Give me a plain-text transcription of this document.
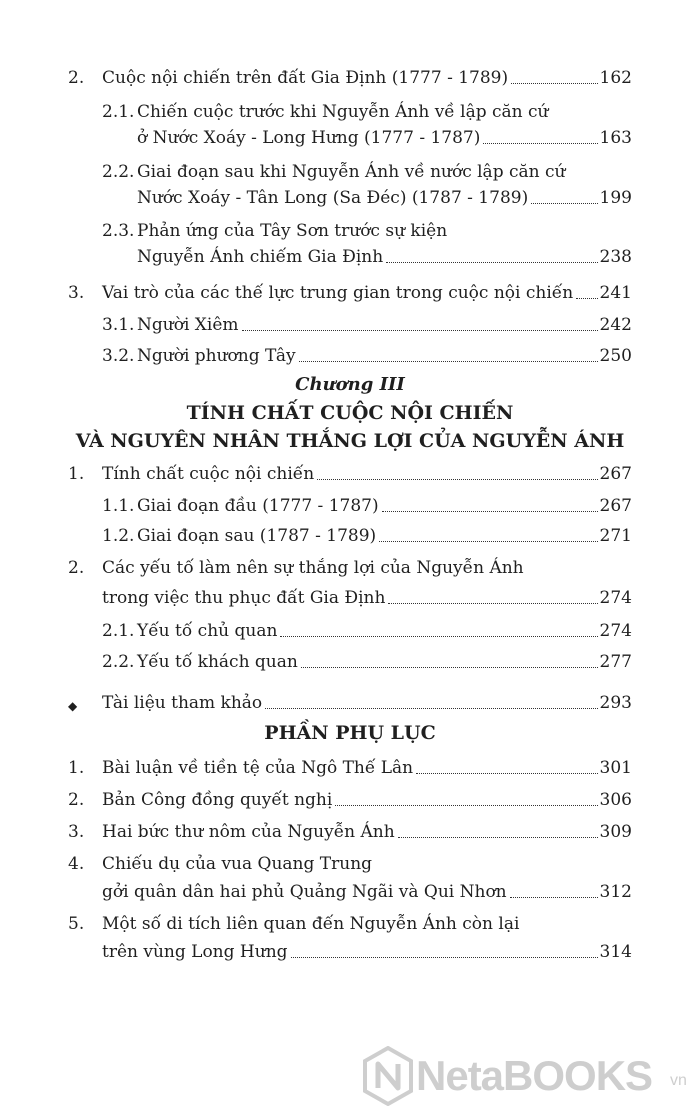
2. Cuộc nội chiến trên đất Gia Định (1777 - 1789)	162
2.1. Chiến cuộc trước khi Nguyễn Ánh về lập căn cứ
ở Nước Xoáy - Long Hưng (1777 - 1787)	163
2.2. Giai đoạn sau khi Nguyễn Ánh về nước lập căn cứ
Nước Xoáy - Tân Long (Sa Đéc) (1787 - 1789)	199
2.3. Phản ứng của Tây Sơn trước sự kiện
Nguyễn Ánh chiếm Gia Định	238
3. Vai trò của các thế lực trung gian trong cuộc nội chiến 241
3.1. Người Xiêm	242
3.2. Người phương Tây	250
Chương III
TÍNH CHẤT CUỘC NỘI CHIẾN
VÀ NGUYÊN NHÂN THẮNG LỢI CỦA NGUYỄN ÁNH
1. Tính chất cuộc nội chiến	267
1.1. Giai đoạn đầu (1777 - 1787)	267
1.2. Giai đoạn sau (1787 - 1789)	271
2. Các yếu tố làm nên sự thắng lợi của Nguyễn Ánh
trong việc thu phục đất Gia Định	274
2.1. Yếu tố chủ quan	274
2.2. Yếu tố khách quan	277
◆ Tài liệu tham khảo	293
PHẦN PHỤ LỤC
1. Bài luận về tiền tệ của Ngô Thế Lân	301
2. Bản Công đồng quyết nghị	306
3. Hai bức thư nôm của Nguyễn Ánh	309
4. Chiếu dụ của vua Quang Trung
gởi quân dân hai phủ Quảng Ngãi và Qui Nhơn	312
5. Một số di tích liên quan đến Nguyễn Ánh còn lại
trên vùng Long Hưng	314
NetaBOOKS vn
